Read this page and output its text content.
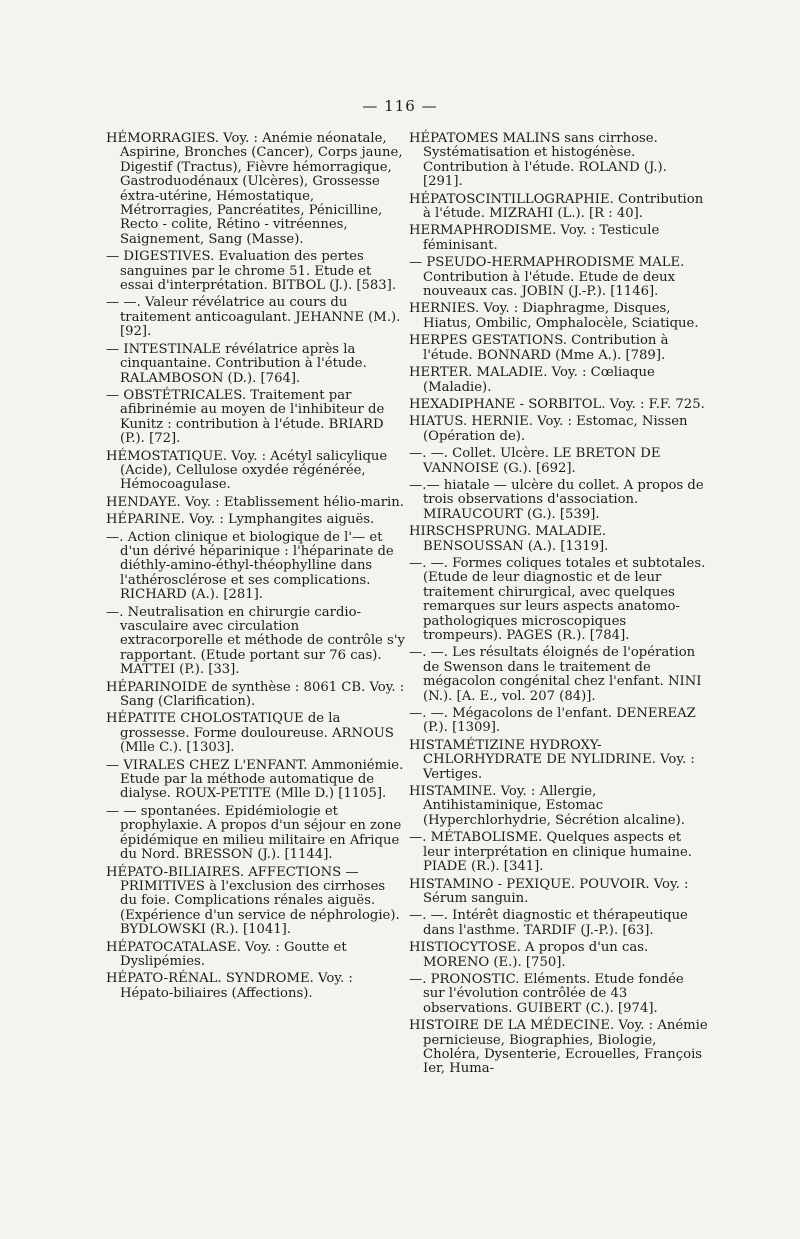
— 116 —

HÉMORRAGIES. Voy. : Anémie néonatale, Aspirine, Bronches (Cancer), Corps jaune, Digestif (Tractus), Fièvre hémorragique, Gastroduodénaux (Ulcères), Grossesse éxtra-utérine, Hémostatique, Métrorragies, Pancréatites, Pénicilline, Recto - colite, Rétino - vitréennes, Saignement, Sang (Masse).

— DIGESTIVES. Evaluation des pertes sanguines par le chrome 51. Etude et essai d'interprétation. BITBOL (J.). [583].

— —. Valeur révélatrice au cours du traitement anticoagulant. JEHANNE (M.). [92].

— INTESTINALE révélatrice après la cinquantaine. Contribution à l'étude. RALAMBOSON (D.). [764].

— OBSTÉTRICALES. Traitement par afibrinémie au moyen de l'inhibiteur de Kunitz : contribution à l'étude. BRIARD (P.). [72].

HÉMOSTATIQUE. Voy. : Acétyl salicylique (Acide), Cellulose oxydée régénérée, Hémocoagulase.

HENDAYE. Voy. : Etablissement hélio-marin.

HÉPARINE. Voy. : Lymphangites aiguës.

—. Action clinique et biologique de l'— et d'un dérivé héparinique : l'héparinate de diéthly-amino-éthyl-théophylline dans l'athérosclérose et ses complications. RICHARD (A.). [281].

—. Neutralisation en chirurgie cardio-vasculaire avec circulation extracorporelle et méthode de contrôle s'y rapportant. (Etude portant sur 76 cas). MATTEI (P.). [33].

HÉPARINOIDE de synthèse : 8061 CB. Voy. : Sang (Clarification).

HÉPATITE CHOLOSTATIQUE de la grossesse. Forme douloureuse. ARNOUS (Mlle C.). [1303].

— VIRALES CHEZ L'ENFANT. Ammoniémie. Etude par la méthode automatique de dialyse. ROUX-PETITE (Mlle D.) [1105].

— — spontanées. Epidémiologie et prophylaxie. A propos d'un séjour en zone épidémique en milieu militaire en Afrique du Nord. BRESSON (J.). [1144].

HÉPATO-BILIAIRES. AFFECTIONS — PRIMITIVES à l'exclusion des cirrhoses du foie. Complications rénales aiguës. (Expérience d'un service de néphrologie). BYDLOWSKI (R.). [1041].

HÉPATOCATALASE. Voy. : Goutte et Dyslipémies.

HÉPATO-RÉNAL. SYNDROME. Voy. : Hépato-biliaires (Affections).

HÉPATOMES MALINS sans cirrhose. Systématisation et histogénèse. Contribution à l'étude. ROLAND (J.). [291].

HÉPATOSCINTILLOGRAPHIE. Contribution à l'étude. MIZRAHI (L.). [R : 40].

HERMAPHRODISME. Voy. : Testicule féminisant.

— PSEUDO-HERMAPHRODISME MALE. Contribution à l'étude. Etude de deux nouveaux cas. JOBIN (J.-P.). [1146].

HERNIES. Voy. : Diaphragme, Disques, Hiatus, Ombilic, Omphalocèle, Sciatique.

HERPES GESTATIONS. Contribution à l'étude. BONNARD (Mme A.). [789].

HERTER. MALADIE. Voy. : Cœliaque (Maladie).

HEXADIPHANE - SORBITOL. Voy. : F.F. 725.

HIATUS. HERNIE. Voy. : Estomac, Nissen (Opération de).

—. —. Collet. Ulcère. LE BRETON DE VANNOISE (G.). [692].

—.— hiatale — ulcère du collet. A propos de trois observations d'association. MIRAUCOURT (G.). [539].

HIRSCHSPRUNG. MALADIE. BENSOUSSAN (A.). [1319].

—. —. Formes coliques totales et subtotales. (Etude de leur diagnostic et de leur traitement chirurgical, avec quelques remarques sur leurs aspects anatomo-pathologiques microscopiques trompeurs). PAGES (R.). [784].

—. —. Les résultats éloignés de l'opération de Swenson dans le traitement de mégacolon congénital chez l'enfant. NINI (N.). [A. E., vol. 207 (84)].

—. —. Mégacolons de l'enfant. DENEREAZ (P.). [1309].

HISTAMÉTIZINE HYDROXY-CHLORHYDRATE DE NYLIDRINE. Voy. : Vertiges.

HISTAMINE. Voy. : Allergie, Antihistaminique, Estomac (Hyperchlorhydrie, Sécrétion alcaline).

—. MÉTABOLISME. Quelques aspects et leur interprétation en clinique humaine. PIADE (R.). [341].

HISTAMINO - PEXIQUE. POUVOIR. Voy. : Sérum sanguin.

—. —. Intérêt diagnostic et thérapeutique dans l'asthme. TARDIF (J.-P.). [63].

HISTIOCYTOSE. A propos d'un cas. MORENO (E.). [750].

—. PRONOSTIC. Eléments. Etude fondée sur l'évolution contrôlée de 43 observations. GUIBERT (C.). [974].

HISTOIRE DE LA MÉDECINE. Voy. : Anémie pernicieuse, Biographies, Biologie, Choléra, Dysenterie, Ecrouelles, François Ier, Huma-
